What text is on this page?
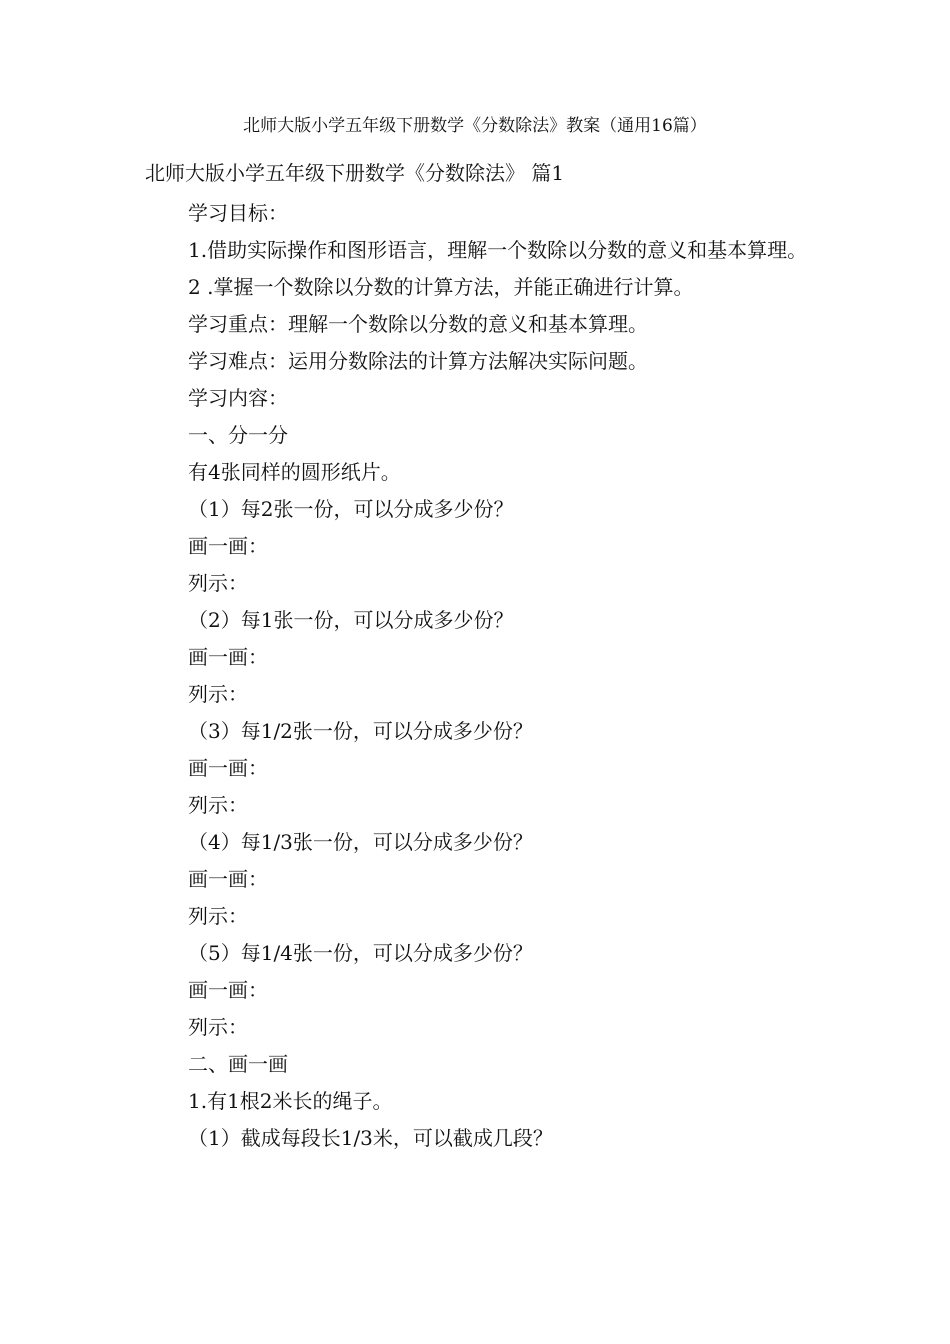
北师大版小学五年级下册数学《分数除法》教案（通用16篇）
北师大版小学五年级下册数学《分数除法》 篇1
学习目标：
1.借助实际操作和图形语言，理解一个数除以分数的意义和基本算理。
2 .掌握一个数除以分数的计算方法，并能正确进行计算。
学习重点：理解一个数除以分数的意义和基本算理。
学习难点：运用分数除法的计算方法解决实际问题。
学习内容：
一、分一分
有4张同样的圆形纸片。
（1）每2张一份，可以分成多少份？
画一画：
列示：
（2）每1张一份，可以分成多少份？
画一画：
列示：
（3）每1/2张一份，可以分成多少份？
画一画：
列示：
（4）每1/3张一份，可以分成多少份？
画一画：
列示：
（5）每1/4张一份，可以分成多少份？
画一画：
列示：
二、画一画
1.有1根2米长的绳子。
（1）截成每段长1/3米，可以截成几段？
